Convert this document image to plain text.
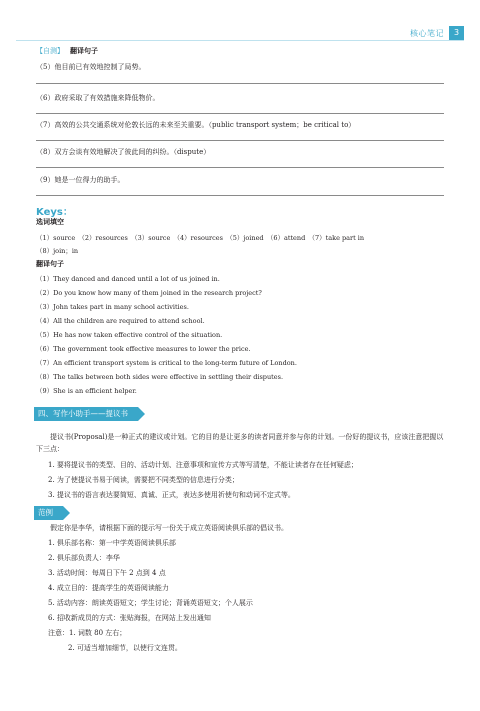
核心笔记	3
【自测】 翻译句子
（5）他目前已有效地控制了局势。
（6）政府采取了有效措施来降低物价。
（7）高效的公共交通系统对伦敦长远的未来至关重要。（public transport system；be critical to）
（8）双方会谈有效地解决了彼此间的纠纷。（dispute）
（9）她是一位得力的助手。
Keys：
选词填空
（1）source　（2）resources　（3）source　（4）resources　（5）joined　（6）attend　（7）take part in
（8）join；in
翻译句子
（1）They danced and danced until a lot of us joined in.
（2）Do you know how many of them joined in the research project?
（3）John takes part in many school activities.
（4）All the children are required to attend school.
（5）He has now taken effective control of the situation.
（6）The government took effective measures to lower the price.
（7）An efficient transport system is critical to the long-term future of London.
（8）The talks between both sides were effective in settling their disputes.
（9）She is an efficient helper.
四、写作小助手——提议书
提议书(Proposal)是一种正式的建议或计划。它的目的是让更多的读者同意并参与你的计划。一份好的提议书，应该注意把握以下三点：
1. 要将提议书的类型、目的、活动计划、注意事项和宣传方式等写清楚，不能让读者存在任何疑虑；
2. 为了使提议书易于阅读，需要把不同类型的信息进行分类；
3. 提议书的语言表达要简短、真诚、正式，表达多使用祈使句和动词不定式等。
范例
假定你是李华，请根据下面的提示写一份关于成立英语阅读俱乐部的倡议书。
1. 俱乐部名称：第一中学英语阅读俱乐部
2. 俱乐部负责人：李华
3. 活动时间：每周日下午 2 点到 4 点
4. 成立目的：提高学生的英语阅读能力
5. 活动内容：朗读英语短文；学生讨论；背诵英语短文；个人展示
6. 招收新成员的方式：张贴海报，在网站上发出通知
注意：1. 词数 80 左右；
2. 可适当增加细节，以使行文连贯。
